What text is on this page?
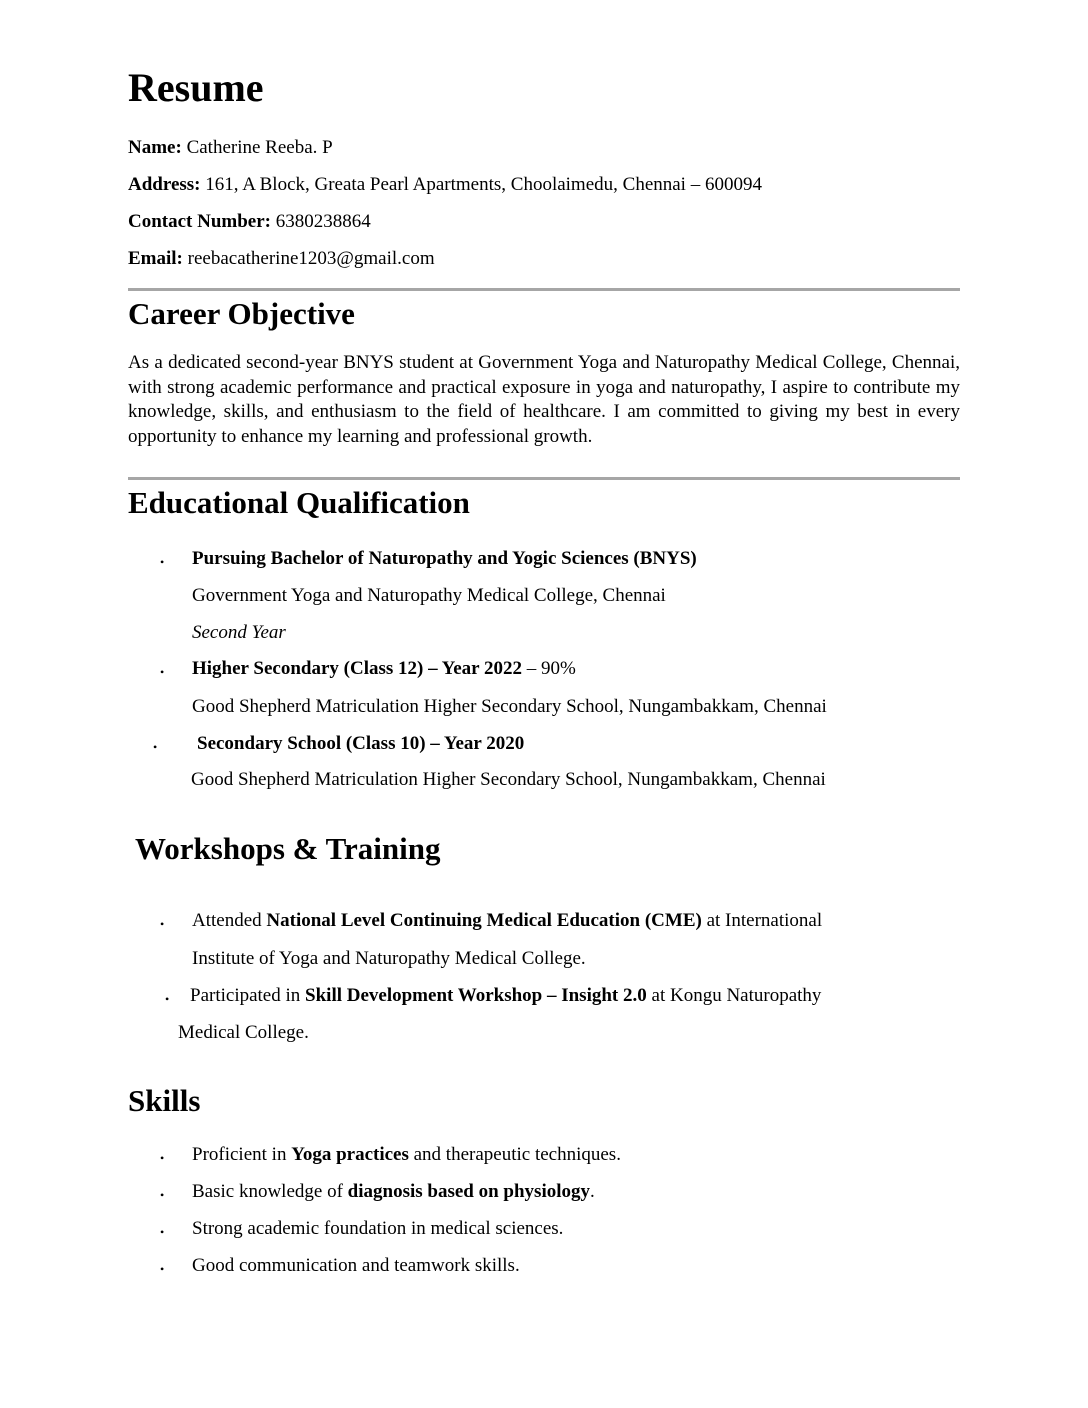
Resume
Name: Catherine Reeba. P
Address: 161, A Block, Greata Pearl Apartments, Choolaimedu, Chennai – 600094
Contact Number: 6380238864
Email: reebacatherine1203@gmail.com
Career Objective
As a dedicated second-year BNYS student at Government Yoga and Naturopathy Medical College, Chennai, with strong academic performance and practical exposure in yoga and naturopathy, I aspire to contribute my knowledge, skills, and enthusiasm to the field of healthcare. I am committed to giving my best in every opportunity to enhance my learning and professional growth.
Educational Qualification
• Pursuing Bachelor of Naturopathy and Yogic Sciences (BNYS)
Government Yoga and Naturopathy Medical College, Chennai
Second Year
• Higher Secondary (Class 12) – Year 2022 – 90%
Good Shepherd Matriculation Higher Secondary School, Nungambakkam, Chennai
• Secondary School (Class 10) – Year 2020
Good Shepherd Matriculation Higher Secondary School, Nungambakkam, Chennai
Workshops & Training
• Attended National Level Continuing Medical Education (CME) at International
Institute of Yoga and Naturopathy Medical College.
• Participated in Skill Development Workshop – Insight 2.0 at Kongu Naturopathy
Medical College.
Skills
• Proficient in Yoga practices and therapeutic techniques.
• Basic knowledge of diagnosis based on physiology.
• Strong academic foundation in medical sciences.
• Good communication and teamwork skills.
